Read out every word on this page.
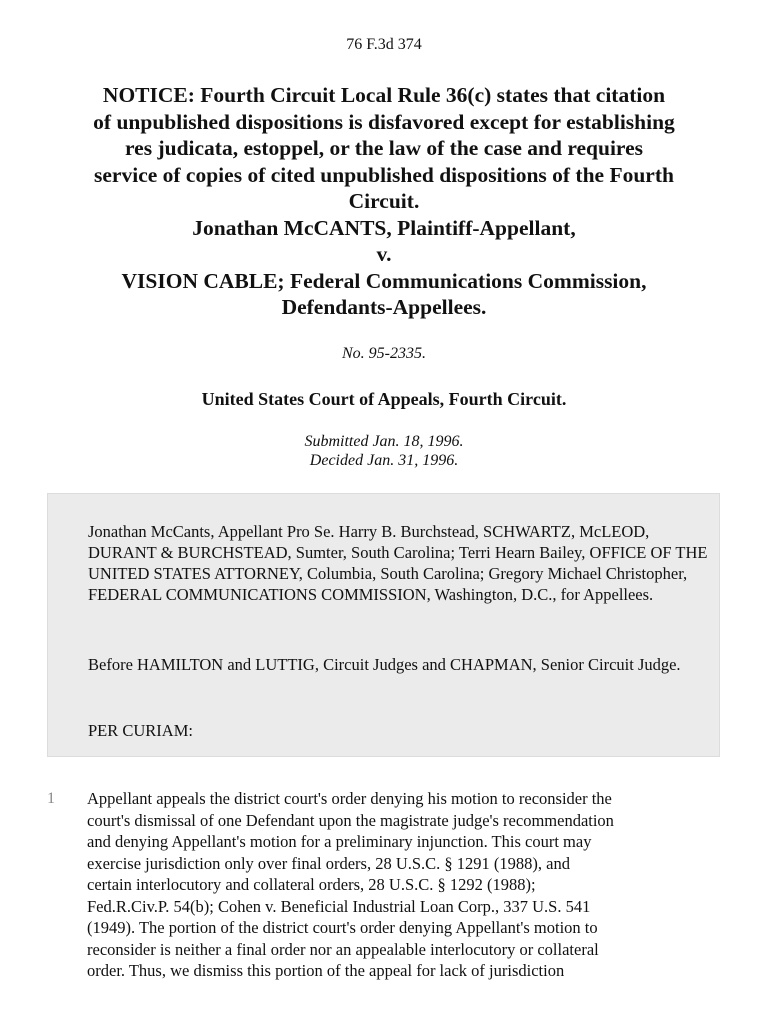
76 F.3d 374
NOTICE: Fourth Circuit Local Rule 36(c) states that citation
of unpublished dispositions is disfavored except for establishing
res judicata, estoppel, or the law of the case and requires
service of copies of cited unpublished dispositions of the Fourth
Circuit.
Jonathan McCANTS, Plaintiff-Appellant,
v.
VISION CABLE; Federal Communications Commission,
Defendants-Appellees.
No. 95-2335.
United States Court of Appeals, Fourth Circuit.
Submitted Jan. 18, 1996.
Decided Jan. 31, 1996.

Jonathan McCants, Appellant Pro Se. Harry B. Burchstead, SCHWARTZ, McLEOD, DURANT & BURCHSTEAD, Sumter, South Carolina; Terri Hearn Bailey, OFFICE OF THE UNITED STATES ATTORNEY, Columbia, South Carolina; Gregory Michael Christopher, FEDERAL COMMUNICATIONS COMMISSION, Washington, D.C., for Appellees.

Before HAMILTON and LUTTIG, Circuit Judges and CHAPMAN, Senior Circuit Judge.

PER CURIAM:

1 Appellant appeals the district court's order denying his motion to reconsider the
court's dismissal of one Defendant upon the magistrate judge's recommendation
and denying Appellant's motion for a preliminary injunction. This court may
exercise jurisdiction only over final orders, 28 U.S.C. § 1291 (1988), and
certain interlocutory and collateral orders, 28 U.S.C. § 1292 (1988);
Fed.R.Civ.P. 54(b); Cohen v. Beneficial Industrial Loan Corp., 337 U.S. 541
(1949). The portion of the district court's order denying Appellant's motion to
reconsider is neither a final order nor an appealable interlocutory or collateral
order. Thus, we dismiss this portion of the appeal for lack of jurisdiction
